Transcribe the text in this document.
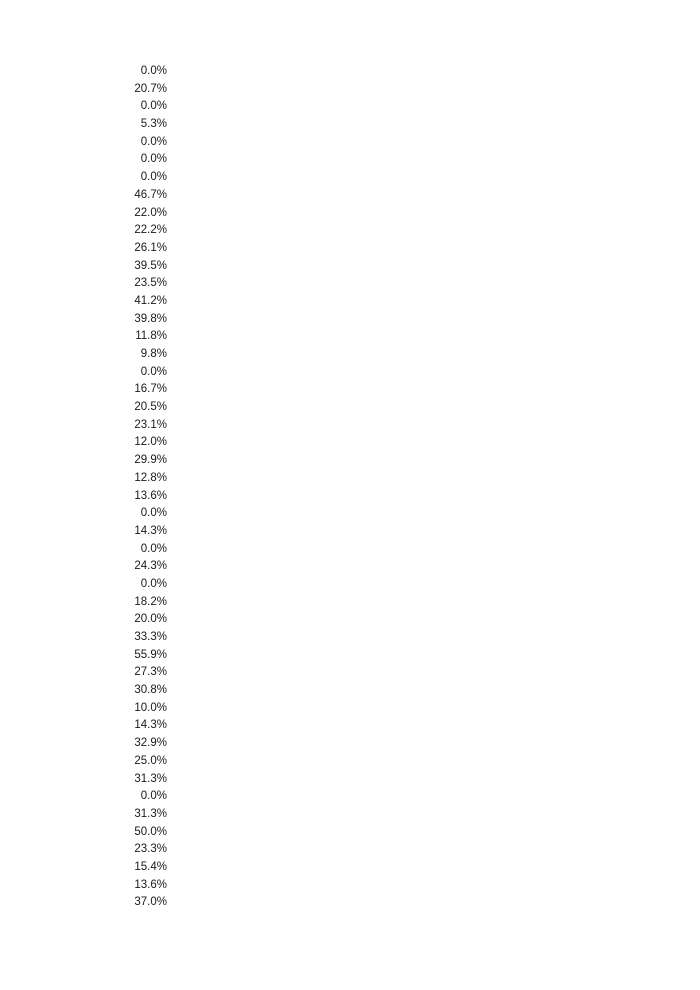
0.0%
20.7%
0.0%
5.3%
0.0%
0.0%
0.0%
46.7%
22.0%
22.2%
26.1%
39.5%
23.5%
41.2%
39.8%
11.8%
9.8%
0.0%
16.7%
20.5%
23.1%
12.0%
29.9%
12.8%
13.6%
0.0%
14.3%
0.0%
24.3%
0.0%
18.2%
20.0%
33.3%
55.9%
27.3%
30.8%
10.0%
14.3%
32.9%
25.0%
31.3%
0.0%
31.3%
50.0%
23.3%
15.4%
13.6%
37.0%
